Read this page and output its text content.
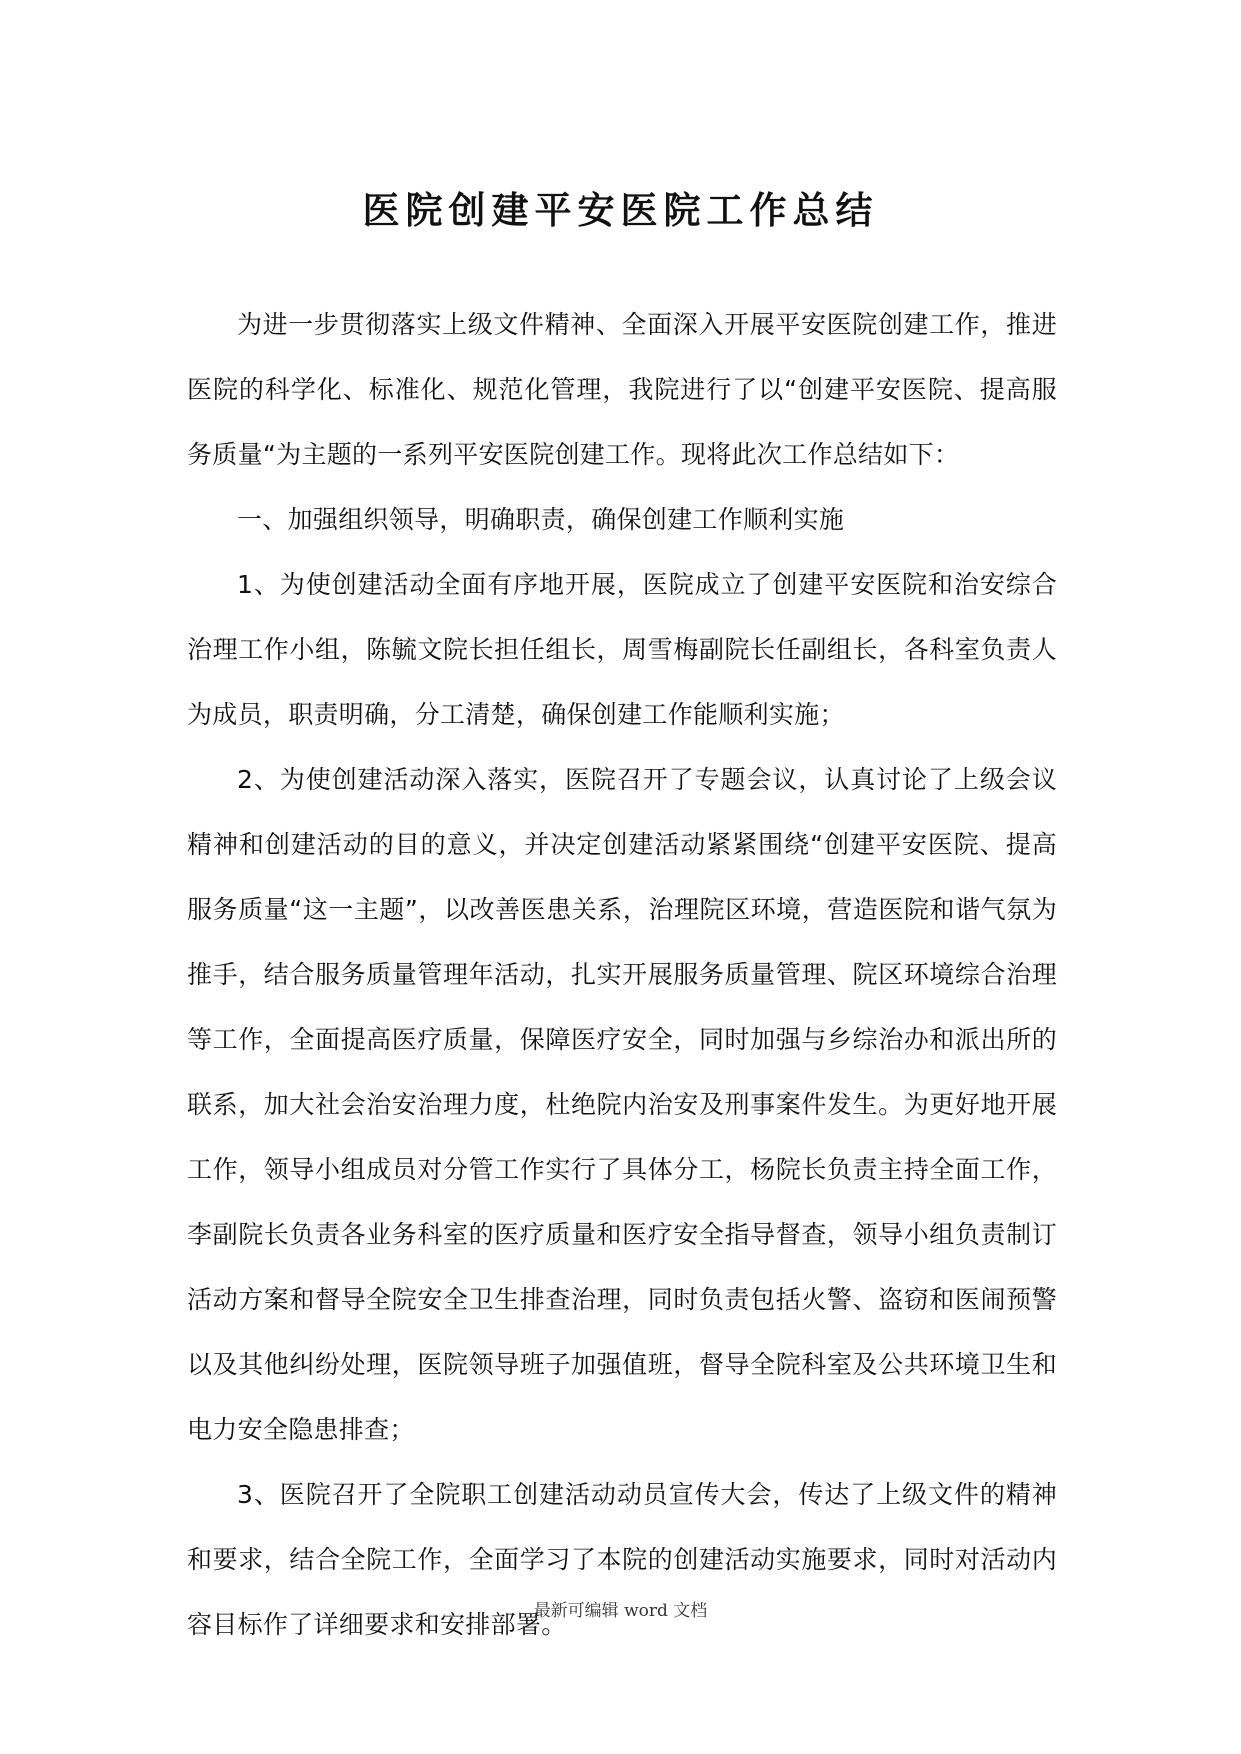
医院创建平安医院工作总结

为进一步贯彻落实上级文件精神、全面深入开展平安医院创建工作，推进医院的科学化、标准化、规范化管理，我院进行了以“创建平安医院、提高服务质量“为主题的一系列平安医院创建工作。现将此次工作总结如下：

一、加强组织领导，明确职责，确保创建工作顺利实施

1、为使创建活动全面有序地开展，医院成立了创建平安医院和治安综合治理工作小组，陈毓文院长担任组长，周雪梅副院长任副组长，各科室负责人为成员，职责明确，分工清楚，确保创建工作能顺利实施；

2、为使创建活动深入落实，医院召开了专题会议，认真讨论了上级会议精神和创建活动的目的意义，并决定创建活动紧紧围绕“创建平安医院、提高服务质量“这一主题”，以改善医患关系，治理院区环境，营造医院和谐气氛为推手，结合服务质量管理年活动，扎实开展服务质量管理、院区环境综合治理等工作，全面提高医疗质量，保障医疗安全，同时加强与乡综治办和派出所的联系，加大社会治安治理力度，杜绝院内治安及刑事案件发生。为更好地开展工作，领导小组成员对分管工作实行了具体分工，杨院长负责主持全面工作，李副院长负责各业务科室的医疗质量和医疗安全指导督查，领导小组负责制订活动方案和督导全院安全卫生排查治理，同时负责包括火警、盗窃和医闹预警以及其他纠纷处理，医院领导班子加强值班，督导全院科室及公共环境卫生和电力安全隐患排查；

3、医院召开了全院职工创建活动动员宣传大会，传达了上级文件的精神和要求，结合全院工作，全面学习了本院的创建活动实施要求，同时对活动内容目标作了详细要求和安排部署。

最新可编辑 word 文档
